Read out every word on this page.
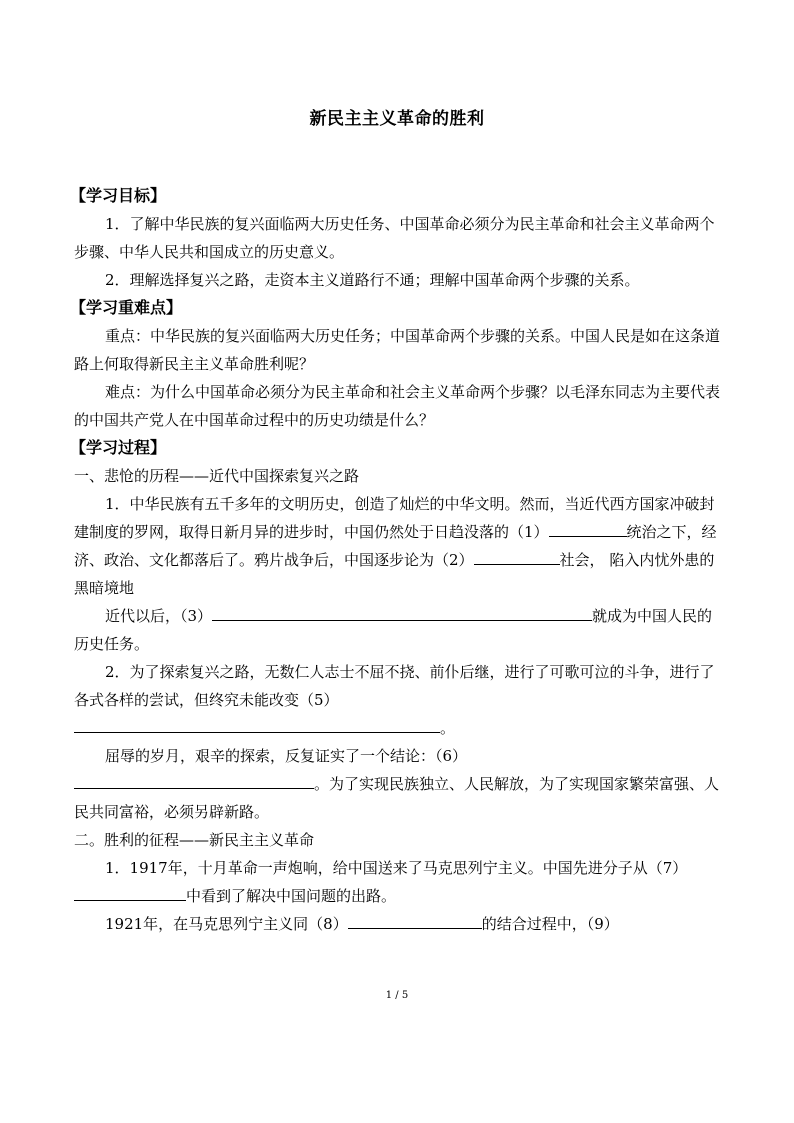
新民主主义革命的胜利

【学习目标】

1．了解中华民族的复兴面临两大历史任务、中国革命必须分为民主革命和社会主义革命两个步骤、中华人民共和国成立的历史意义。

2．理解选择复兴之路，走资本主义道路行不通；理解中国革命两个步骤的关系。

【学习重难点】

重点：中华民族的复兴面临两大历史任务；中国革命两个步骤的关系。中国人民是如在这条道路上何取得新民主主义革命胜利呢？

难点：为什么中国革命必须分为民主革命和社会主义革命两个步骤？以毛泽东同志为主要代表的中国共产党人在中国革命过程中的历史功绩是什么？

【学习过程】

一、悲怆的历程——近代中国探索复兴之路

1．中华民族有五千多年的文明历史，创造了灿烂的中华文明。然而，当近代西方国家冲破封建制度的罗网，取得日新月异的进步时，中国仍然处于日趋没落的（1）	统治之下，经济、政治、文化都落后了。鸦片战争后，中国逐步论为（2）	社会， 陷入内忧外患的黑暗境地

近代以后，（3）	就成为中国人民的历史任务。

2．为了探索复兴之路，无数仁人志士不屈不挠、前仆后继，进行了可歌可泣的斗争，进行了各式各样的尝试，但终究未能改变（5）

。

屈辱的岁月，艰辛的探索，反复证实了一个结论：（6）

。为了实现民族独立、人民解放，为了实现国家繁荣富强、人民共同富裕，必须另辟新路。

二。胜利的征程——新民主主义革命

1．1917年，十月革命一声炮响，给中国送来了马克思列宁主义。中国先进分子从（7）

中看到了解决中国问题的出路。

1921年，在马克思列宁主义同（8）	的结合过程中，（9）

1 / 5
